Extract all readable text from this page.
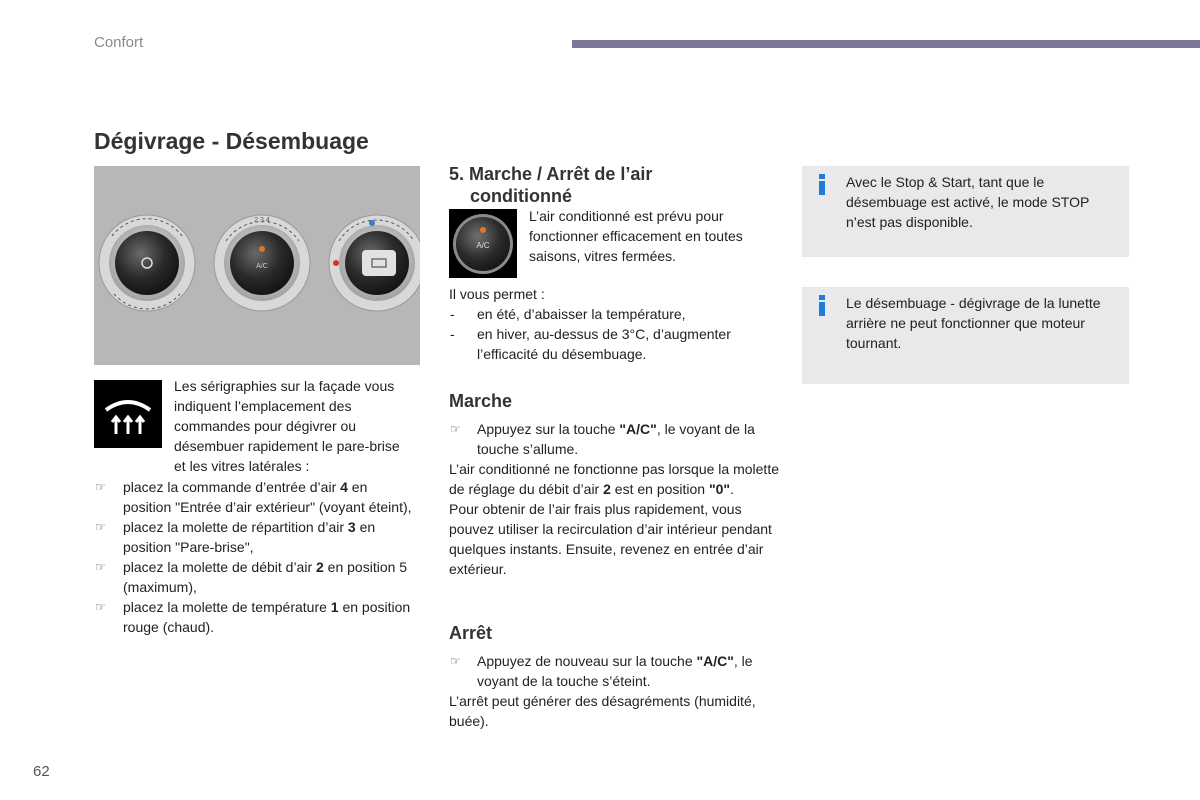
Confort
Dégivrage - Désembuage
A/C
2 3 4
Les sérigraphies sur la façade vous indiquent l’emplacement des commandes pour dégivrer ou désembuer rapidement le pare-brise et les vitres latérales :
☞ placez la commande d’entrée d’air 4 en position "Entrée d’air extérieur" (voyant éteint),
☞ placez la molette de répartition d’air 3 en position "Pare-brise",
☞ placez la molette de débit d’air 2 en position 5 (maximum),
☞ placez la molette de température 1 en position rouge (chaud).
5. Marche / Arrêt de l’air
conditionné
A/C
L’air conditionné est prévu pour fonctionner efficacement en toutes saisons, vitres fermées.
Il vous permet :
- en été, d’abaisser la température,
- en hiver, au-dessus de 3°C, d’augmenter l’efficacité du désembuage.
Marche
☞ Appuyez sur la touche "A/C", le voyant de la touche s’allume.
L’air conditionné ne fonctionne pas lorsque la molette de réglage du débit d’air 2 est en position "0".
Pour obtenir de l’air frais plus rapidement, vous pouvez utiliser la recirculation d’air intérieur pendant quelques instants. Ensuite, revenez en entrée d’air extérieur.
Arrêt
☞ Appuyez de nouveau sur la touche "A/C", le voyant de la touche s’éteint.
L’arrêt peut générer des désagréments (humidité, buée).
Avec le Stop & Start, tant que le désembuage est activé, le mode STOP n’est pas disponible.
Le désembuage - dégivrage de la lunette arrière ne peut fonctionner que moteur tournant.
62
